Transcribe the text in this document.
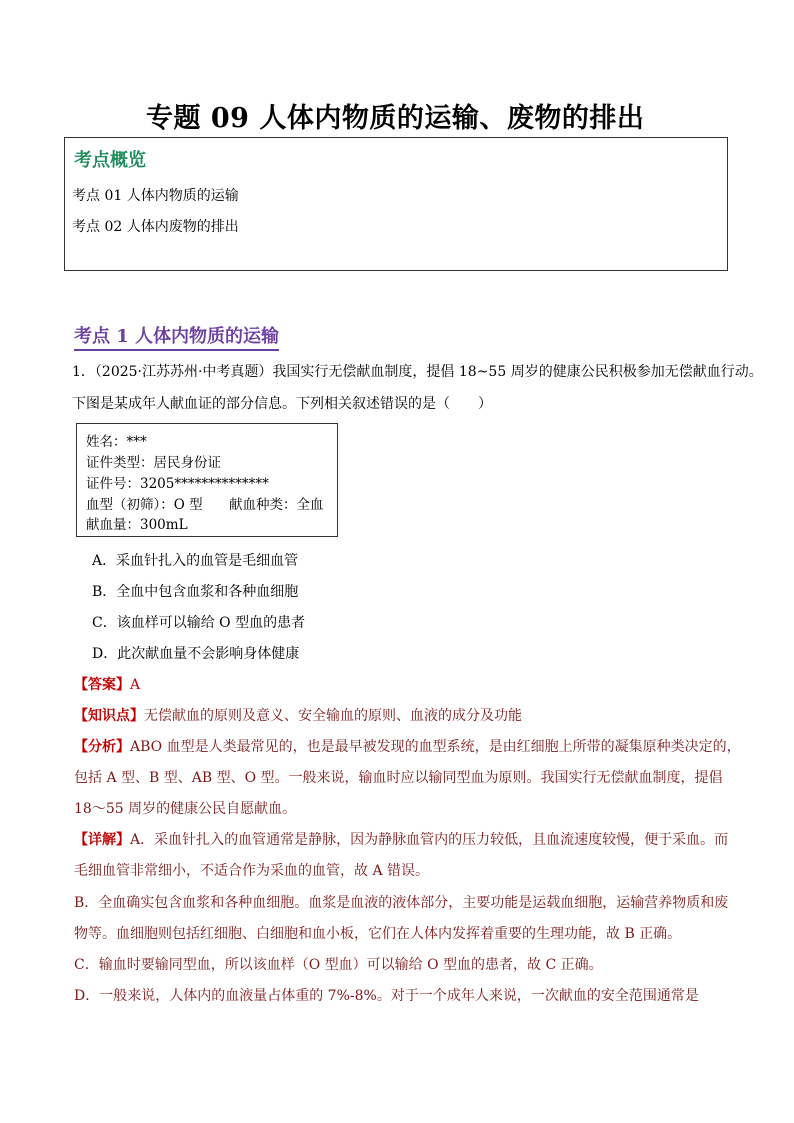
专题 09 人体内物质的运输、废物的排出
考点概览
考点 01 人体内物质的运输
考点 02 人体内废物的排出
考点 1 人体内物质的运输
1．（2025·江苏苏州·中考真题）我国实行无偿献血制度，提倡 18~55 周岁的健康公民积极参加无偿献血行动。
下图是某成年人献血证的部分信息。下列相关叙述错误的是（　　）
姓名：***
证件类型：居民身份证
证件号：3205**************
血型（初筛）：O 型 献血种类：全血
献血量：300mL
A．采血针扎入的血管是毛细血管
B．全血中包含血浆和各种血细胞
C．该血样可以输给 O 型血的患者
D．此次献血量不会影响身体健康
【答案】A
【知识点】无偿献血的原则及意义、安全输血的原则、血液的成分及功能
【分析】ABO 血型是人类最常见的，也是最早被发现的血型系统，是由红细胞上所带的凝集原种类决定的，
包括 A 型、B 型、AB 型、O 型。一般来说，输血时应以输同型血为原则。我国实行无偿献血制度，提倡
18～55 周岁的健康公民自愿献血。
【详解】A．采血针扎入的血管通常是静脉，因为静脉血管内的压力较低，且血流速度较慢，便于采血。而
毛细血管非常细小，不适合作为采血的血管，故 A 错误。
B．全血确实包含血浆和各种血细胞。血浆是血液的液体部分，主要功能是运载血细胞，运输营养物质和废
物等。血细胞则包括红细胞、白细胞和血小板，它们在人体内发挥着重要的生理功能，故 B 正确。
C．输血时要输同型血，所以该血样（O 型血）可以输给 O 型血的患者，故 C 正确。
D．一般来说，人体内的血液量占体重的 7%-8%。对于一个成年人来说，一次献血的安全范围通常是
